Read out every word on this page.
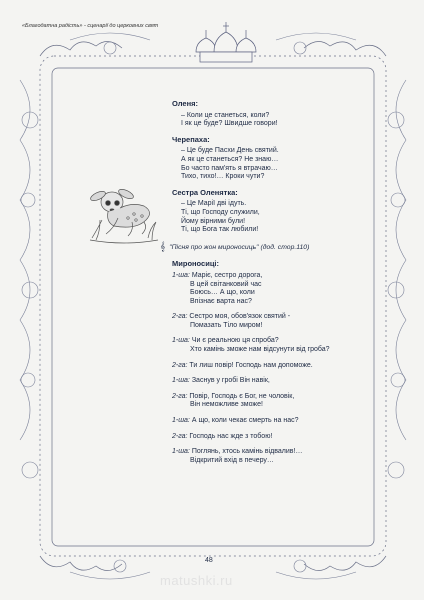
«Благодатна радість» - сценарії до церковних свят
Оленя:
– Коли це станеться, коли?
І як це буде? Швидше говори!
Черепаха:
– Це буде Пасхи День святий.
А як це станеться? Не знаю…
Бо часто пам'ять я втрачаю…
Тихо, тихо!… Кроки чути?
Сестра Оленятка:
– Це Марії дві ідуть.
Ті, що Господу служили,
Йому вірними були!
Ті, що Бога так любили!
𝄞 "Пісня про жон мироносиць" (дод. стор.110)
Мироносиці:
1-ша: Маріє, сестро дорога,
В цей світанковий час
Боюсь… А що, коли
Впізнає варта нас?
2-га: Сестро моя, обов'язок святий -
Помазать Тіло миром!
1-ша: Чи є реальною ця спроба?
Хто камінь зможе нам відсунути від гроба?
2-га: Ти лиш повір! Господь нам допоможе.
1-ша: Заснув у гробі Він навік,
2-га: Повір, Господь є Бог, не чоловік,
Він неможливе зможе!
1-ша: А що, коли чекає смерть на нас?
2-га: Господь нас жде з тобою!
1-ша: Поглянь, хтось камінь відвалив!…
Відкритий вхід в печеру…
48
matushki.ru
